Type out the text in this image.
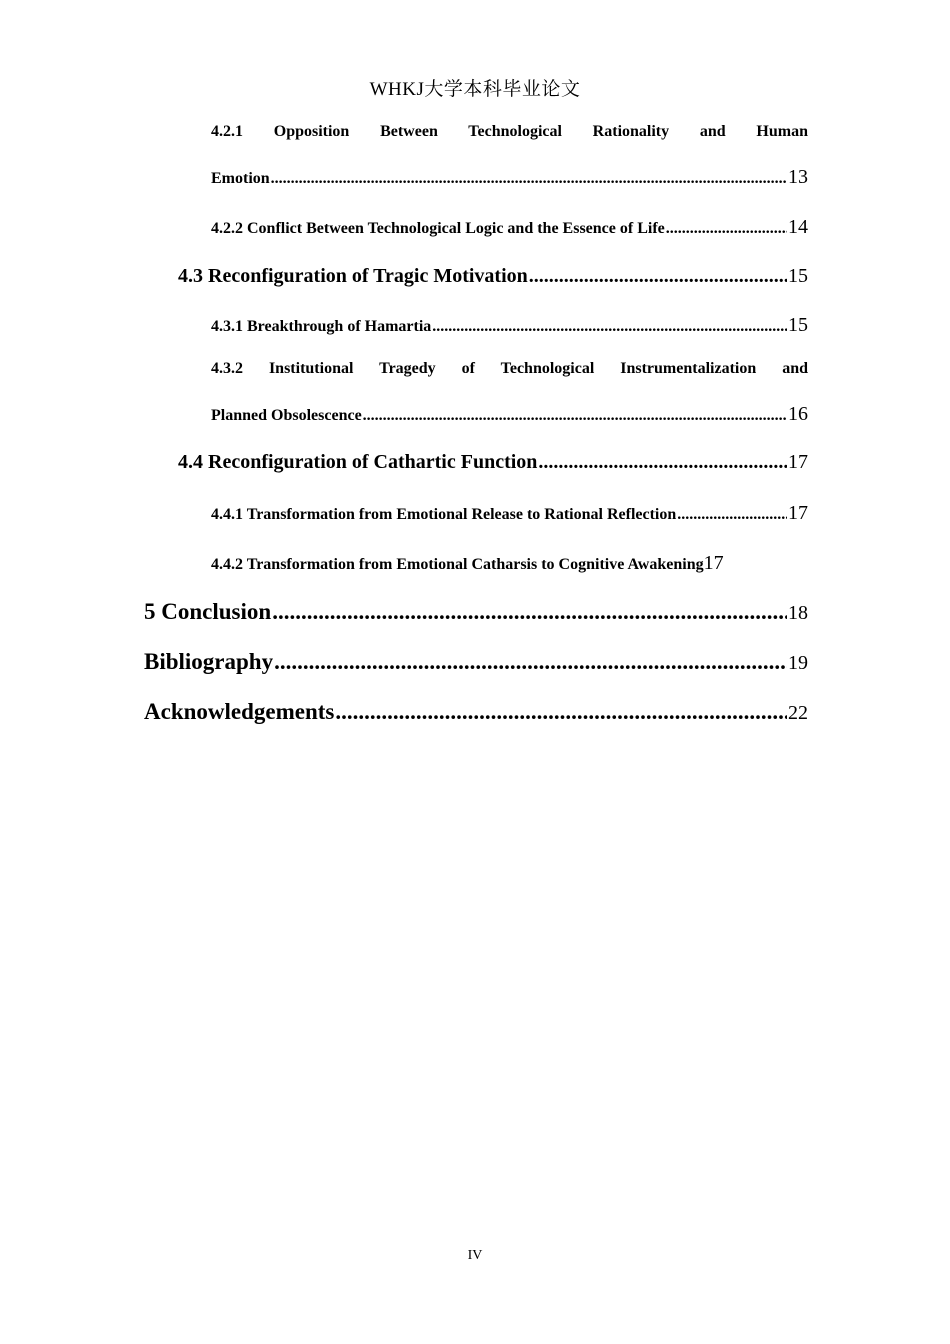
WHKJ大学本科毕业论文
4.2.1 Opposition Between Technological Rationality and Human
Emotion .....	13
4.2.2 Conflict Between Technological Logic and the Essence of Life .....	14
4.3 Reconfiguration of Tragic Motivation .....	15
4.3.1 Breakthrough of Hamartia .....	15
4.3.2 Institutional Tragedy of Technological Instrumentalization and
Planned Obsolescence .....	16
4.4 Reconfiguration of Cathartic Function .....	17
4.4.1 Transformation from Emotional Release to Rational Reflection .....	17
4.4.2 Transformation from Emotional Catharsis to Cognitive Awakening 17
5 Conclusion .....	18
Bibliography .....	19
Acknowledgements .....	22
IV
